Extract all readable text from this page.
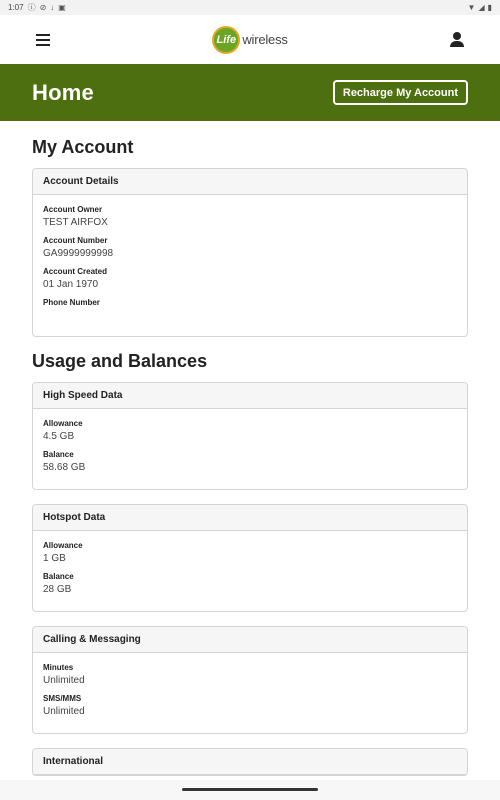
1:07 ⓘ ⊘ ↓ ▣	▼ ◢ ▮
Life wireless
Home	Recharge My Account
My Account
Account Details
Account Owner
TEST AIRFOX
Account Number
GA9999999998
Account Created
01 Jan 1970
Phone Number
Usage and Balances
High Speed Data
Allowance
4.5 GB
Balance
58.68 GB
Hotspot Data
Allowance
1 GB
Balance
28 GB
Calling & Messaging
Minutes
Unlimited
SMS/MMS
Unlimited
International
